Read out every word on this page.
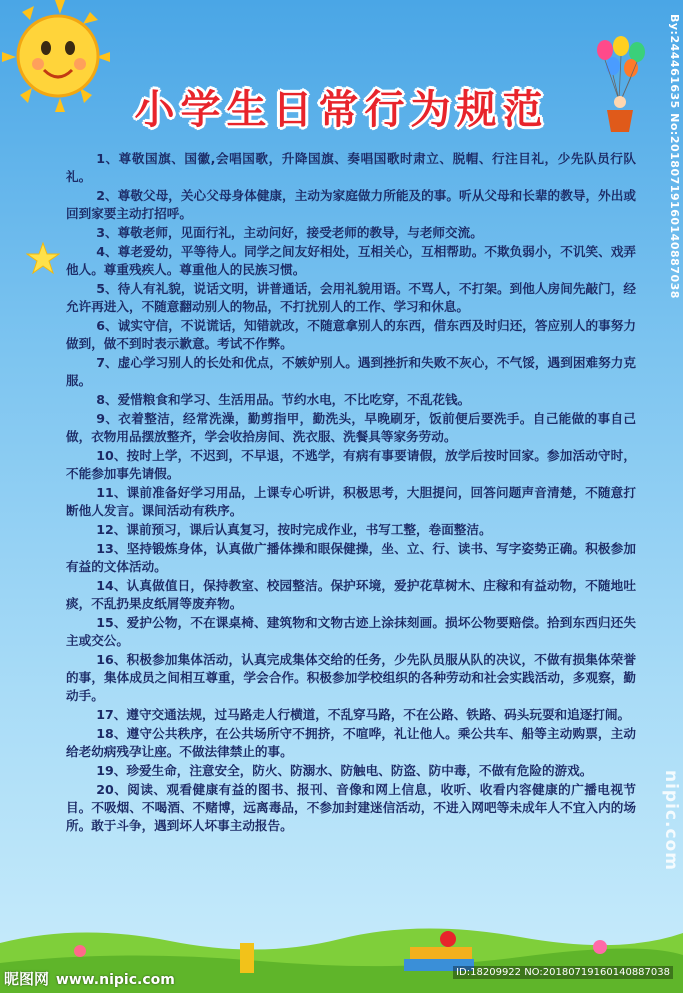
小学生日常行为规范

1、尊敬国旗、国徽,会唱国歌，升降国旗、奏唱国歌时肃立、脱帽、行注目礼，少先队员行队礼。

2、尊敬父母，关心父母身体健康，主动为家庭做力所能及的事。听从父母和长辈的教导，外出或回到家要主动打招呼。

3、尊敬老师，见面行礼，主动问好，接受老师的教导，与老师交流。

4、尊老爱幼，平等待人。同学之间友好相处，互相关心，互相帮助。不欺负弱小，不讥笑、戏弄他人。尊重残疾人。尊重他人的民族习惯。

5、待人有礼貌，说话文明，讲普通话，会用礼貌用语。不骂人，不打架。到他人房间先敲门，经允许再进入，不随意翻动别人的物品，不打扰别人的工作、学习和休息。

6、诚实守信，不说谎话，知错就改，不随意拿别人的东西，借东西及时归还，答应别人的事努力做到，做不到时表示歉意。考试不作弊。

7、虚心学习别人的长处和优点，不嫉妒别人。遇到挫折和失败不灰心，不气馁，遇到困难努力克服。

8、爱惜粮食和学习、生活用品。节约水电，不比吃穿，不乱花钱。

9、衣着整洁，经常洗澡，勤剪指甲，勤洗头，早晚刷牙，饭前便后要洗手。自己能做的事自己做，衣物用品摆放整齐，学会收拾房间、洗衣服、洗餐具等家务劳动。

10、按时上学，不迟到，不早退，不逃学，有病有事要请假，放学后按时回家。参加活动守时，不能参加事先请假。

11、课前准备好学习用品，上课专心听讲，积极思考，大胆提问，回答问题声音清楚，不随意打断他人发言。课间活动有秩序。

12、课前预习，课后认真复习，按时完成作业，书写工整，卷面整洁。

13、坚持锻炼身体，认真做广播体操和眼保健操，坐、立、行、读书、写字姿势正确。积极参加有益的文体活动。

14、认真做值日，保持教室、校园整洁。保护环境，爱护花草树木、庄稼和有益动物，不随地吐痰，不乱扔果皮纸屑等废弃物。

15、爱护公物，不在课桌椅、建筑物和文物古迹上涂抹刻画。损坏公物要赔偿。拾到东西归还失主或交公。

16、积极参加集体活动，认真完成集体交给的任务，少先队员服从队的决议，不做有损集体荣誉的事，集体成员之间相互尊重，学会合作。积极参加学校组织的各种劳动和社会实践活动，多观察，勤动手。

17、遵守交通法规，过马路走人行横道，不乱穿马路，不在公路、铁路、码头玩耍和追逐打闹。

18、遵守公共秩序，在公共场所守不拥挤，不喧哗，礼让他人。乘公共车、船等主动购票，主动给老幼病残孕让座。不做法律禁止的事。

19、珍爱生命，注意安全，防火、防溺水、防触电、防盗、防中毒，不做有危险的游戏。

20、阅读、观看健康有益的图书、报刊、音像和网上信息，收听、收看内容健康的广播电视节目。不吸烟、不喝酒、不赌博，远离毒品，不参加封建迷信活动，不进入网吧等未成年人不宜入内的场所。敢于斗争，遇到坏人坏事主动报告。

By:244461635 No:20180719160140887038
nipic.com
昵图网 www.nipic.com	ID:18209922 NO:20180719160140887038
